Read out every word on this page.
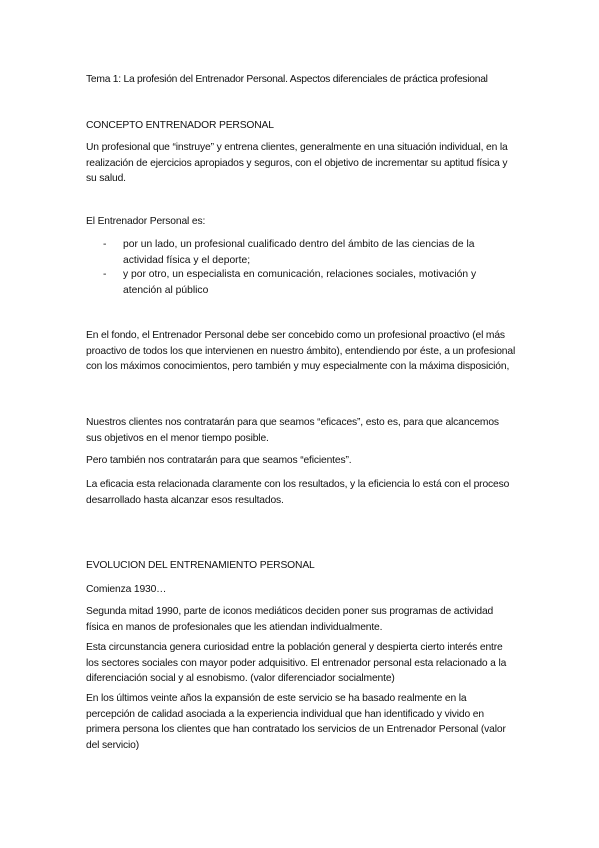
Tema 1: La profesión del Entrenador Personal. Aspectos diferenciales de práctica profesional
CONCEPTO ENTRENADOR PERSONAL
Un profesional que “instruye” y entrena clientes, generalmente en una situación individual, en la realización de ejercicios apropiados y seguros, con el objetivo de incrementar su aptitud física y su salud.
El Entrenador Personal es:
- por un lado, un profesional cualificado dentro del ámbito de las ciencias de la actividad física y el deporte;
- y por otro, un especialista en comunicación, relaciones sociales, motivación y atención al público
En el fondo, el Entrenador Personal debe ser concebido como un profesional proactivo (el más proactivo de todos los que intervienen en nuestro ámbito), entendiendo por éste, a un profesional con los máximos conocimientos, pero también y muy especialmente con la máxima disposición,
Nuestros clientes nos contratarán para que seamos “eficaces”, esto es, para que alcancemos sus objetivos en el menor tiempo posible.
Pero también nos contratarán para que seamos “eficientes”.
La eficacia esta relacionada claramente con los resultados, y la eficiencia lo está con el proceso desarrollado hasta alcanzar esos resultados.
EVOLUCION DEL ENTRENAMIENTO PERSONAL
Comienza 1930…
Segunda mitad 1990, parte de iconos mediáticos deciden poner sus programas de actividad física en manos de profesionales que les atiendan individualmente.
Esta circunstancia genera curiosidad entre la población general y despierta cierto interés entre los sectores sociales con mayor poder adquisitivo. El entrenador personal esta relacionado a la diferenciación social y al esnobismo. (valor diferenciador socialmente)
En los últimos veinte años la expansión de este servicio se ha basado realmente en la percepción de calidad asociada a la experiencia individual que han identificado y vivido en primera persona los clientes que han contratado los servicios de un Entrenador Personal (valor del servicio)
